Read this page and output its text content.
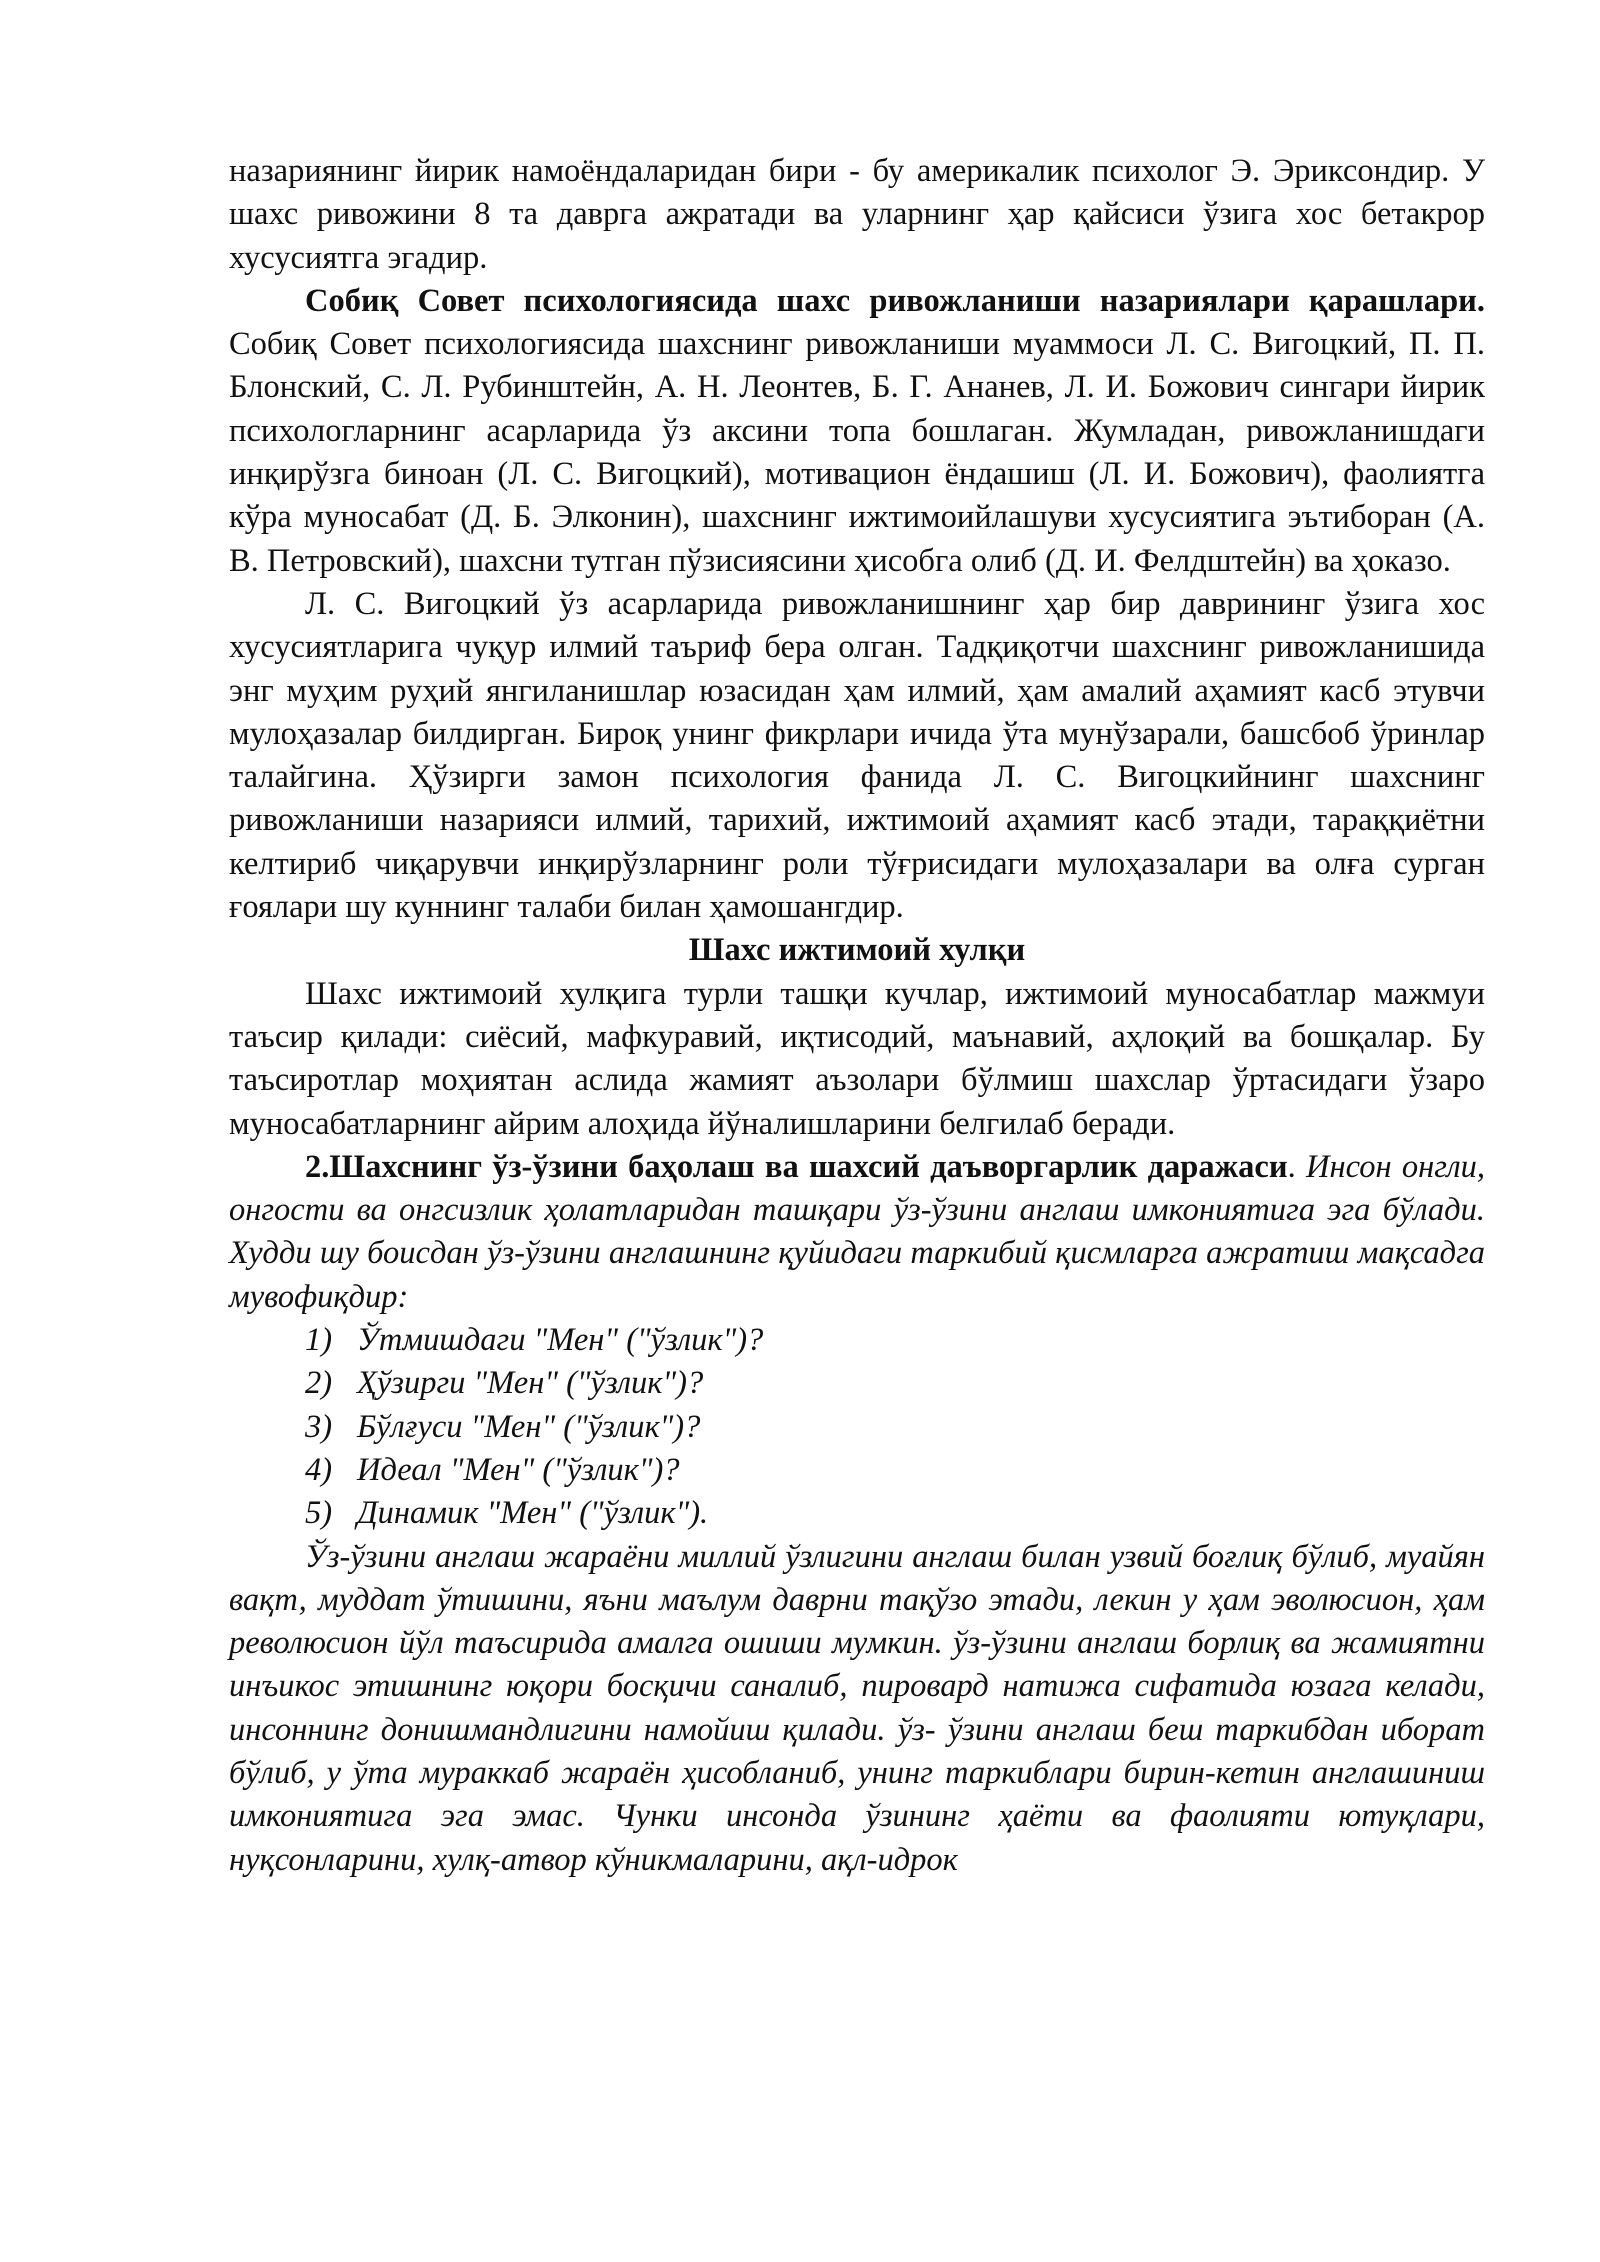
назариянинг йирик намоёндаларидан бири - бу америкалик психолог Э. Эриксондир. У шахс ривожини 8 та даврга ажратади ва уларнинг ҳар қайсиси ўзига хос бетакрор хусусиятга эгадир.

Собиқ Совет психологиясида шахс ривожланиши назариялари қарашлари. Собиқ Совет психологиясида шахснинг ривожланиши муаммоси Л. С. Вигоцкий, П. П. Блонский, С. Л. Рубинштейн, А. Н. Леонтев, Б. Г. Ананев, Л. И. Божович сингари йирик психологларнинг асарларида ўз аксини топа бошлаган. Жумладан, ривожланишдаги инқирўзга биноан (Л. С. Вигоцкий), мотивацион ёндашиш (Л. И. Божович), фаолиятга кўра муносабат (Д. Б. Элконин), шахснинг ижтимоийлашуви хусусиятига эътиборан (А. В. Петровский), шахсни тутган пўзисиясини ҳисобга олиб (Д. И. Фелдштейн) ва ҳоказо.

Л. С. Вигоцкий ўз асарларида ривожланишнинг ҳар бир даврининг ўзига хос хусусиятларига чуқур илмий таъриф бера олган. Тадқиқотчи шахснинг ривожланишида энг муҳим руҳий янгиланишлар юзасидан ҳам илмий, ҳам амалий аҳамият касб этувчи мулоҳазалар билдирган. Бироқ унинг фикрлари ичида ўта мунўзарали, башсбоб ўринлар талайгина. Ҳўзирги замон психология фанида Л. С. Вигоцкийнинг шахснинг ривожланиши назарияси илмий, тарихий, ижтимоий аҳамият касб этади, тараққиётни келтириб чиқарувчи инқирўзларнинг роли тўғрисидаги мулоҳазалари ва олға сурган ғоялари шу куннинг талаби билан ҳамошангдир.

Шахс ижтимоий хулқи

Шахс ижтимоий хулқига турли ташқи кучлар, ижтимоий муносабатлар мажмуи таъсир қилади: сиёсий, мафкуравий, иқтисодий, маънавий, аҳлоқий ва бошқалар. Бу таъсиротлар моҳиятан аслида жамият аъзолари бўлмиш шахслар ўртасидаги ўзаро муносабатларнинг айрим алоҳида йўналишларини белгилаб беради.

2.Шахснинг ўз-ўзини баҳолаш ва шахсий даъворгарлик даражаси. Инсон онгли, онгости ва онгсизлик ҳолатларидан ташқари ўз-ўзини англаш имкониятига эга бўлади. Худди шу боисдан ўз-ўзини англашнинг қуйидаги таркибий қисмларга ажратиш мақсадга мувофиқдир:

1) Ўтмишдаги "Мен" ("ўзлик")?
2) Ҳўзирги "Мен" ("ўзлик")?
3) Бўлғуси "Мен" ("ўзлик")?
4) Идеал "Мен" ("ўзлик")?
5) Динамик "Мен" ("ўзлик").

Ўз-ўзини англаш жараёни миллий ўзлигини англаш билан узвий боғлиқ бўлиб, муайян вақт, муддат ўтишини, яъни маълум даврни тақўзо этади, лекин у ҳам эволюсион, ҳам революсион йўл таъсирида амалга ошиши мумкин. ўз-ўзини англаш борлиқ ва жамиятни инъикос этишнинг юқори босқичи саналиб, пировард натижа сифатида юзага келади, инсоннинг донишмандлигини намойиш қилади. ўз- ўзини англаш беш таркибдан иборат бўлиб, у ўта мураккаб жараён ҳисобланиб, унинг таркиблари бирин-кетин англашиниш имкониятига эга эмас. Чунки инсонда ўзининг ҳаёти ва фаолияти ютуқлари, нуқсонларини, хулқ-атвор кўникмаларини, ақл-идрок
